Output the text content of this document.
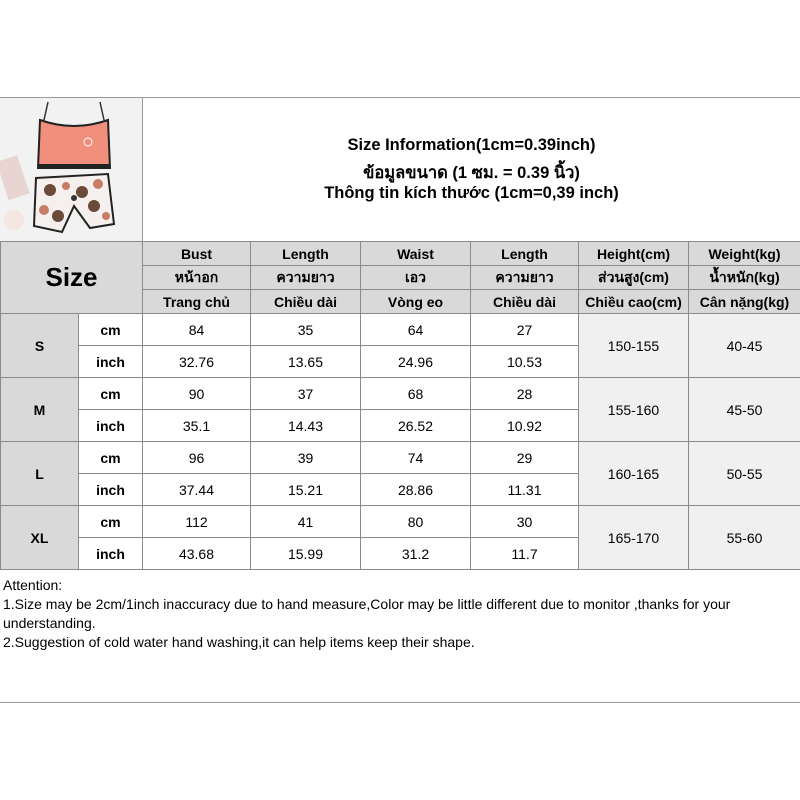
Size Information(1cm=0.39inch)
ข้อมูลขนาด (1 ซม. = 0.39 นิ้ว)
Thông tin kích thước (1cm=0,39 inch)
Size		Bust	Length	Waist	Length	Height(cm)	Weight(kg)
		หน้าอก	ความยาว	เอว	ความยาว	ส่วนสูง(cm)	น้ำหนัก(kg)
		Trang chủ	Chiều dài	Vòng eo	Chiều dài	Chiều cao(cm)	Cân nặng(kg)
S	cm	84	35	64	27	150-155	40-45
	inch	32.76	13.65	24.96	10.53		
M	cm	90	37	68	28	155-160	45-50
	inch	35.1	14.43	26.52	10.92		
L	cm	96	39	74	29	160-165	50-55
	inch	37.44	15.21	28.86	11.31		
XL	cm	112	41	80	30	165-170	55-60
	inch	43.68	15.99	31.2	11.7		
Attention:
1.Size may be 2cm/1inch inaccuracy due to hand measure,Color may be little different due to monitor ,thanks for your understanding.
2.Suggestion of cold water hand washing,it can help items keep their shape.
